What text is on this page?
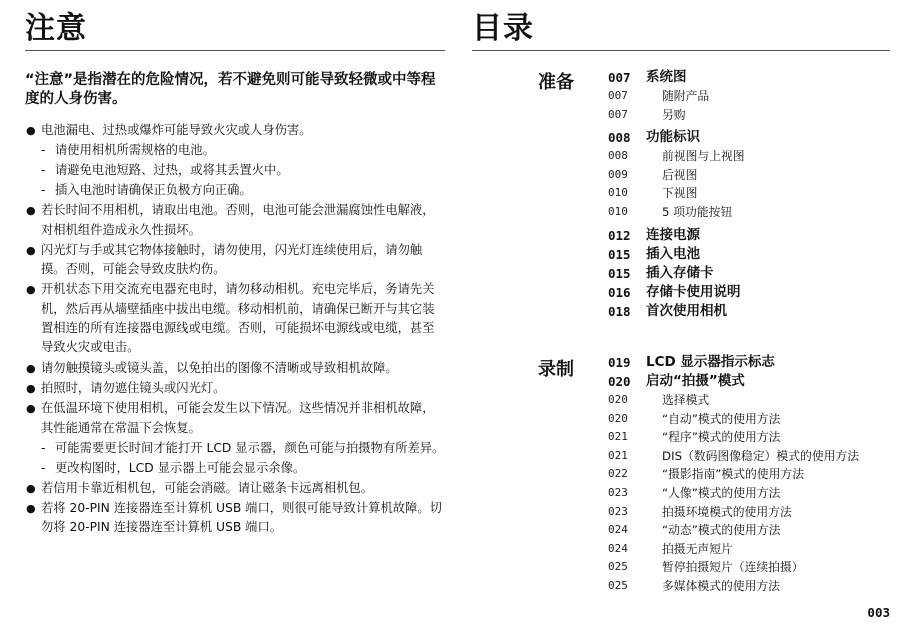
注意

“注意”是指潜在的危险情况，若不避免则可能导致轻微或中等程度的人身伤害。

● 电池漏电、过热或爆炸可能导致火灾或人身伤害。
- 请使用相机所需规格的电池。
- 请避免电池短路、过热，或将其丢置火中。
- 插入电池时请确保正负极方向正确。
● 若长时间不用相机，请取出电池。否则，电池可能会泄漏腐蚀性电解液，对相机组件造成永久性损坏。
● 闪光灯与手或其它物体接触时，请勿使用，闪光灯连续使用后，请勿触摸。否则，可能会导致皮肤灼伤。
● 开机状态下用交流充电器充电时，请勿移动相机。充电完毕后，务请先关机，然后再从墙壁插座中拔出电缆。移动相机前，请确保已断开与其它装置相连的所有连接器电源线或电缆。否则，可能损坏电源线或电缆，甚至导致火灾或电击。
● 请勿触摸镜头或镜头盖，以免拍出的图像不清晰或导致相机故障。
● 拍照时，请勿遮住镜头或闪光灯。
● 在低温环境下使用相机，可能会发生以下情况。这些情况并非相机故障，其性能通常在常温下会恢复。
- 可能需要更长时间才能打开 LCD 显示器，颜色可能与拍摄物有所差异。
- 更改构图时，LCD 显示器上可能会显示余像。
● 若信用卡靠近相机包，可能会消磁。请让磁条卡远离相机包。
● 若将 20-PIN 连接器连至计算机 USB 端口，则很可能导致计算机故障。切勿将 20-PIN 连接器连至计算机 USB 端口。
目录
准备	007	系统图
007	随附产品
007	另购
008	功能标识
008	前视图与上视图
009	后视图
010	下视图
010	5 项功能按钮
012	连接电源
015	插入电池
015	插入存储卡
016	存储卡使用说明
018	首次使用相机
录制	019	LCD 显示器指示标志
020	启动“拍摄”模式
020	选择模式
020	“自动”模式的使用方法
021	“程序”模式的使用方法
021	DIS（数码图像稳定）模式的使用方法
022	“摄影指南”模式的使用方法
023	“人像”模式的使用方法
023	拍摄环境模式的使用方法
024	“动态”模式的使用方法
024	拍摄无声短片
025	暂停拍摄短片（连续拍摄）
025	多媒体模式的使用方法
003
